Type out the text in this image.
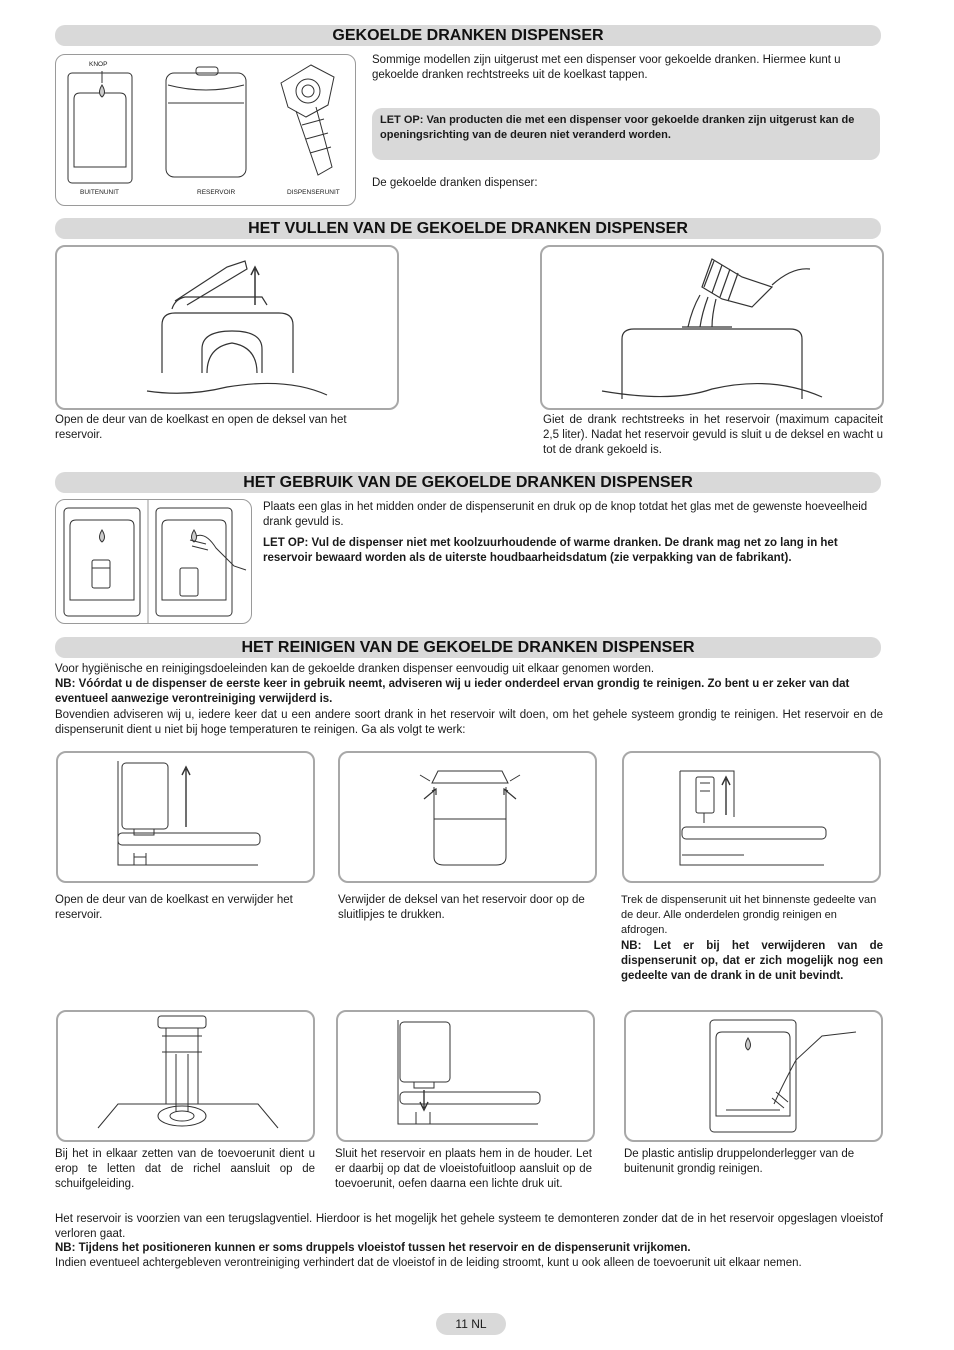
GEKOELDE DRANKEN DISPENSER
KNOP
BUITENUNIT	RESERVOIR	DISPENSERUNIT
Sommige modellen zijn uitgerust met een dispenser voor gekoelde dranken. Hiermee kunt u gekoelde dranken rechtstreeks uit de koelkast tappen.
LET OP: Van producten die met een dispenser voor gekoelde dranken zijn uitgerust kan de openingsrichting van de deuren niet veranderd worden.
De gekoelde dranken dispenser:
HET VULLEN VAN DE GEKOELDE DRANKEN DISPENSER
Open de deur van de koelkast en open de deksel van het reservoir.
Giet de drank rechtstreeks in het reservoir (maximum capaciteit 2,5 liter). Nadat het reservoir gevuld is sluit u de deksel en wacht u tot de drank gekoeld is.
HET GEBRUIK VAN DE GEKOELDE DRANKEN DISPENSER
Plaats een glas in het midden onder de dispenserunit en druk op de knop totdat het glas met de gewenste hoeveelheid drank gevuld is.
LET OP: Vul de dispenser niet met koolzuurhoudende of warme dranken. De drank mag net zo lang in het reservoir bewaard worden als de uiterste houdbaarheidsdatum (zie verpakking van de fabrikant).
HET REINIGEN VAN DE GEKOELDE DRANKEN DISPENSER
Voor hygiënische en reinigingsdoeleinden kan de gekoelde dranken dispenser eenvoudig uit elkaar genomen worden.
NB: Vóórdat u de dispenser de eerste keer in gebruik neemt, adviseren wij u ieder onderdeel ervan grondig te reinigen. Zo bent u er zeker van dat eventueel aanwezige verontreiniging verwijderd is.
Bovendien adviseren wij u, iedere keer dat u een andere soort drank in het reservoir wilt doen, om het gehele systeem grondig te reinigen. Het reservoir en de dispenserunit dient u niet bij hoge temperaturen te reinigen. Ga als volgt te werk:
Open de deur van de koelkast en verwijder het reservoir.
Verwijder de deksel van het reservoir door op de sluitlipjes te drukken.
Trek de dispenserunit uit het binnenste gedeelte van de deur. Alle onderdelen grondig reinigen en afdrogen.
NB: Let er bij het verwijderen van de dispenserunit op, dat er zich mogelijk nog een gedeelte van de drank in de unit bevindt.
Bij het in elkaar zetten van de toevoerunit dient u erop te letten dat de richel aansluit op de schuifgeleiding.
Sluit het reservoir en plaats hem in de houder. Let er daarbij op dat de vloeistofuitloop aansluit op de toevoerunit, oefen daarna een lichte druk uit.
De plastic antislip druppelonderlegger van de buitenunit grondig reinigen.
Het reservoir is voorzien van een terugslagventiel. Hierdoor is het mogelijk het gehele systeem te demonteren zonder dat de in het reservoir opgeslagen vloeistof verloren gaat.
NB: Tijdens het positioneren kunnen er soms druppels vloeistof tussen het reservoir en de dispenserunit vrijkomen.
Indien eventueel achtergebleven verontreiniging verhindert dat de vloeistof in de leiding stroomt, kunt u ook alleen de toevoerunit uit elkaar nemen.
11 NL
